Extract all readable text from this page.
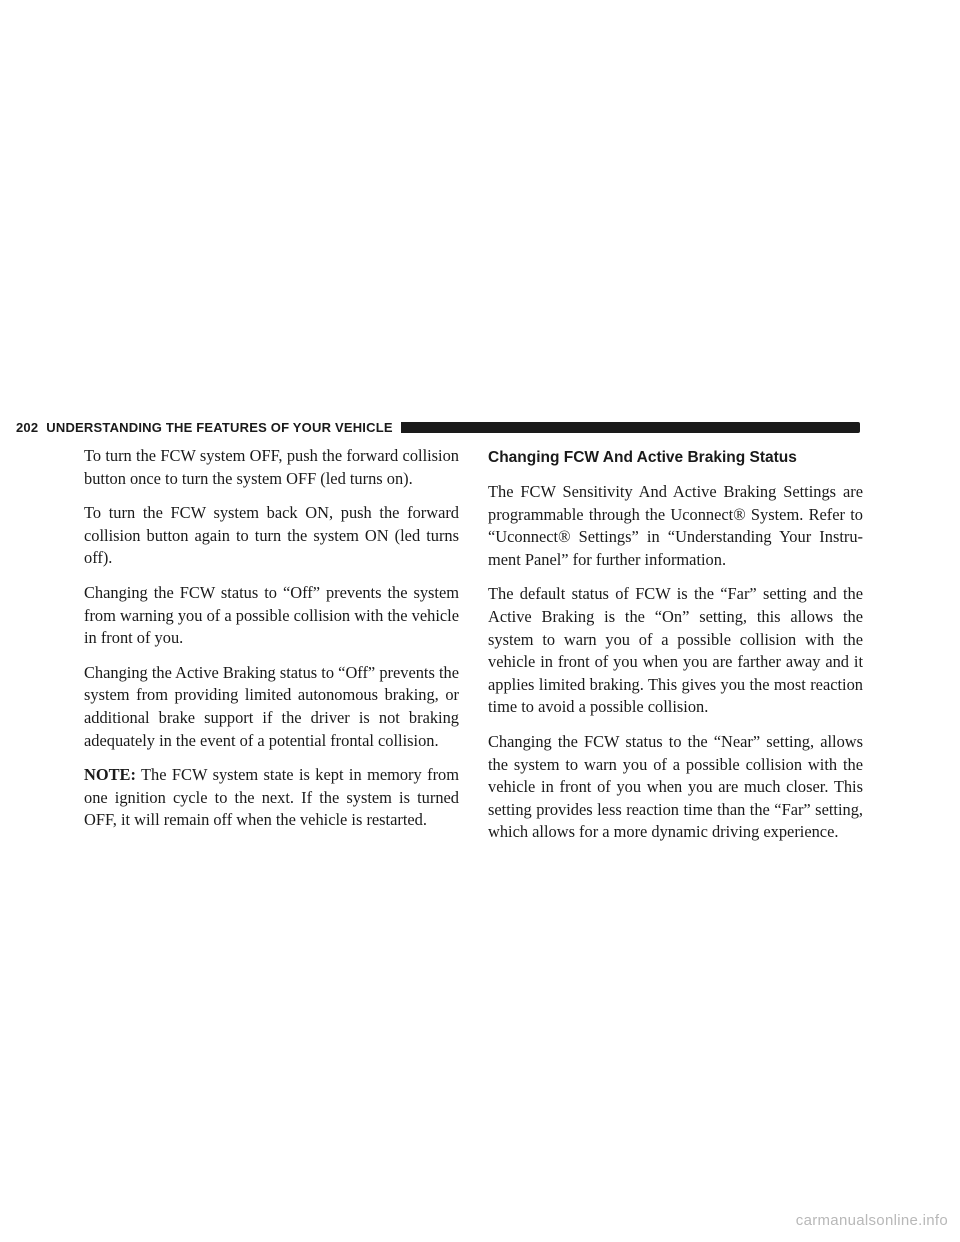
202 UNDERSTANDING THE FEATURES OF YOUR VEHICLE

To turn the FCW system OFF, push the forward collision button once to turn the system OFF (led turns on).

To turn the FCW system back ON, push the forward collision button again to turn the system ON (led turns off).

Changing the FCW status to “Off” prevents the system from warning you of a possible collision with the vehicle in front of you.

Changing the Active Braking status to “Off” prevents the system from providing limited autonomous braking, or additional brake support if the driver is not braking adequately in the event of a potential frontal collision.

NOTE: The FCW system state is kept in memory from one ignition cycle to the next. If the system is turned OFF, it will remain off when the vehicle is restarted.

Changing FCW And Active Braking Status

The FCW Sensitivity And Active Braking Settings are programmable through the Uconnect® System. Refer to “Uconnect® Settings” in “Understanding Your Instru- ment Panel” for further information.

The default status of FCW is the “Far” setting and the Active Braking is the “On” setting, this allows the system to warn you of a possible collision with the vehicle in front of you when you are farther away and it applies limited braking. This gives you the most reaction time to avoid a possible collision.

Changing the FCW status to the “Near” setting, allows the system to warn you of a possible collision with the vehicle in front of you when you are much closer. This setting provides less reaction time than the “Far” setting, which allows for a more dynamic driving experience.

carmanualsonline.info
